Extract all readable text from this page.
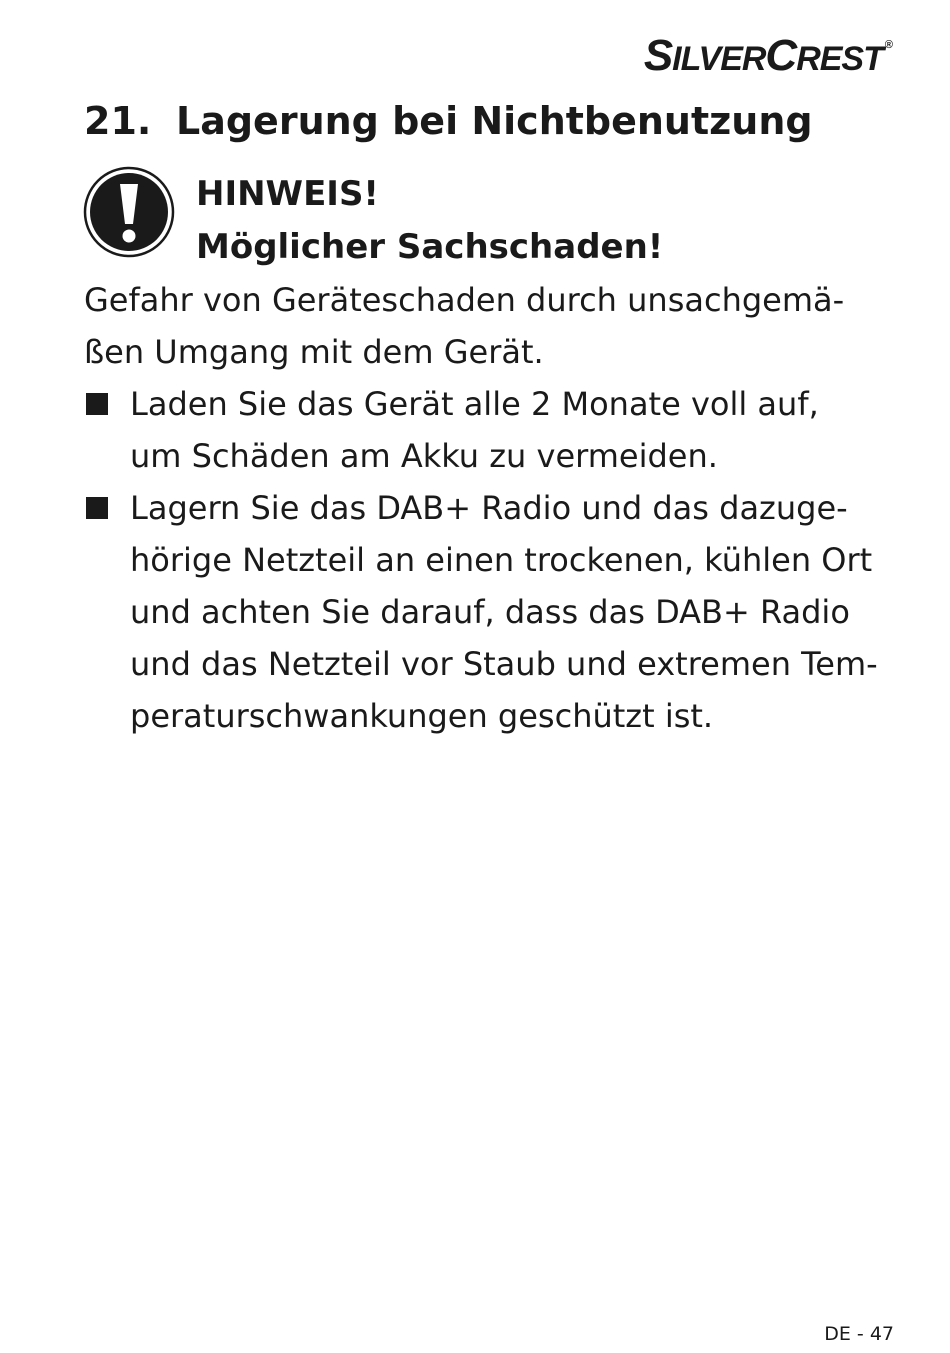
SILVERCREST ®
21. Lagerung bei Nichtbenutzung
HINWEIS!
Möglicher Sachschaden!
Gefahr von Geräteschaden durch unsachgemä-
ßen Umgang mit dem Gerät.
Laden Sie das Gerät alle 2 Monate voll auf,
um Schäden am Akku zu vermeiden.
Lagern Sie das DAB+ Radio und das dazuge-
hörige Netzteil an einen trockenen, kühlen Ort
und achten Sie darauf, dass das DAB+ Radio
und das Netzteil vor Staub und extremen Tem-
peraturschwankungen geschützt ist.
DE - 47
